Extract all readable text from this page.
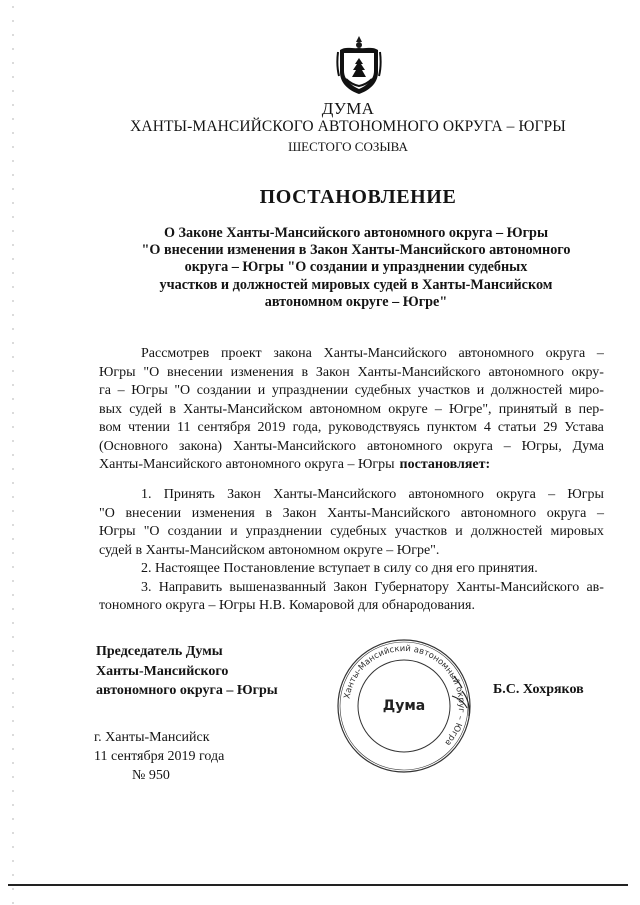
ДУМА
ХАНТЫ-МАНСИЙСКОГО АВТОНОМНОГО ОКРУГА – ЮГРЫ
ШЕСТОГО СОЗЫВА
ПОСТАНОВЛЕНИЕ
О Законе Ханты-Мансийского автономного округа – Югры
"О внесении изменения в Закон Ханты-Мансийского автономного
округа – Югры "О создании и упразднении судебных
участков и должностей мировых судей в Ханты-Мансийском
автономном округе – Югре"
Рассмотрев проект закона Ханты-Мансийского автономного округа –
Югры "О внесении изменения в Закон Ханты-Мансийского автономного окру-
га – Югры "О создании и упразднении судебных участков и должностей миро-
вых судей в Ханты-Мансийском автономном округе – Югре", принятый в пер-
вом чтении 11 сентября 2019 года, руководствуясь пунктом 4 статьи 29 Устава
(Основного закона) Ханты-Мансийского автономного округа – Югры, Дума
Ханты-Мансийского автономного округа – Югры постановляет:
1. Принять Закон Ханты-Мансийского автономного округа – Югры
"О внесении изменения в Закон Ханты-Мансийского автономного округа –
Югры "О создании и упразднении судебных участков и должностей мировых
судей в Ханты-Мансийском автономном округе – Югре".
2. Настоящее Постановление вступает в силу со дня его принятия.
3. Направить вышеназванный Закон Губернатору Ханты-Мансийского ав-
тономного округа – Югры Н.В. Комаровой для обнародования.
Председатель Думы
Ханты-Мансийского
автономного округа – Югры	Ханты-Мансийский автономный округ – Югра
Дума
Б.С. Хохряков
г. Ханты-Мансийск
11 сентября 2019 года
№ 950
